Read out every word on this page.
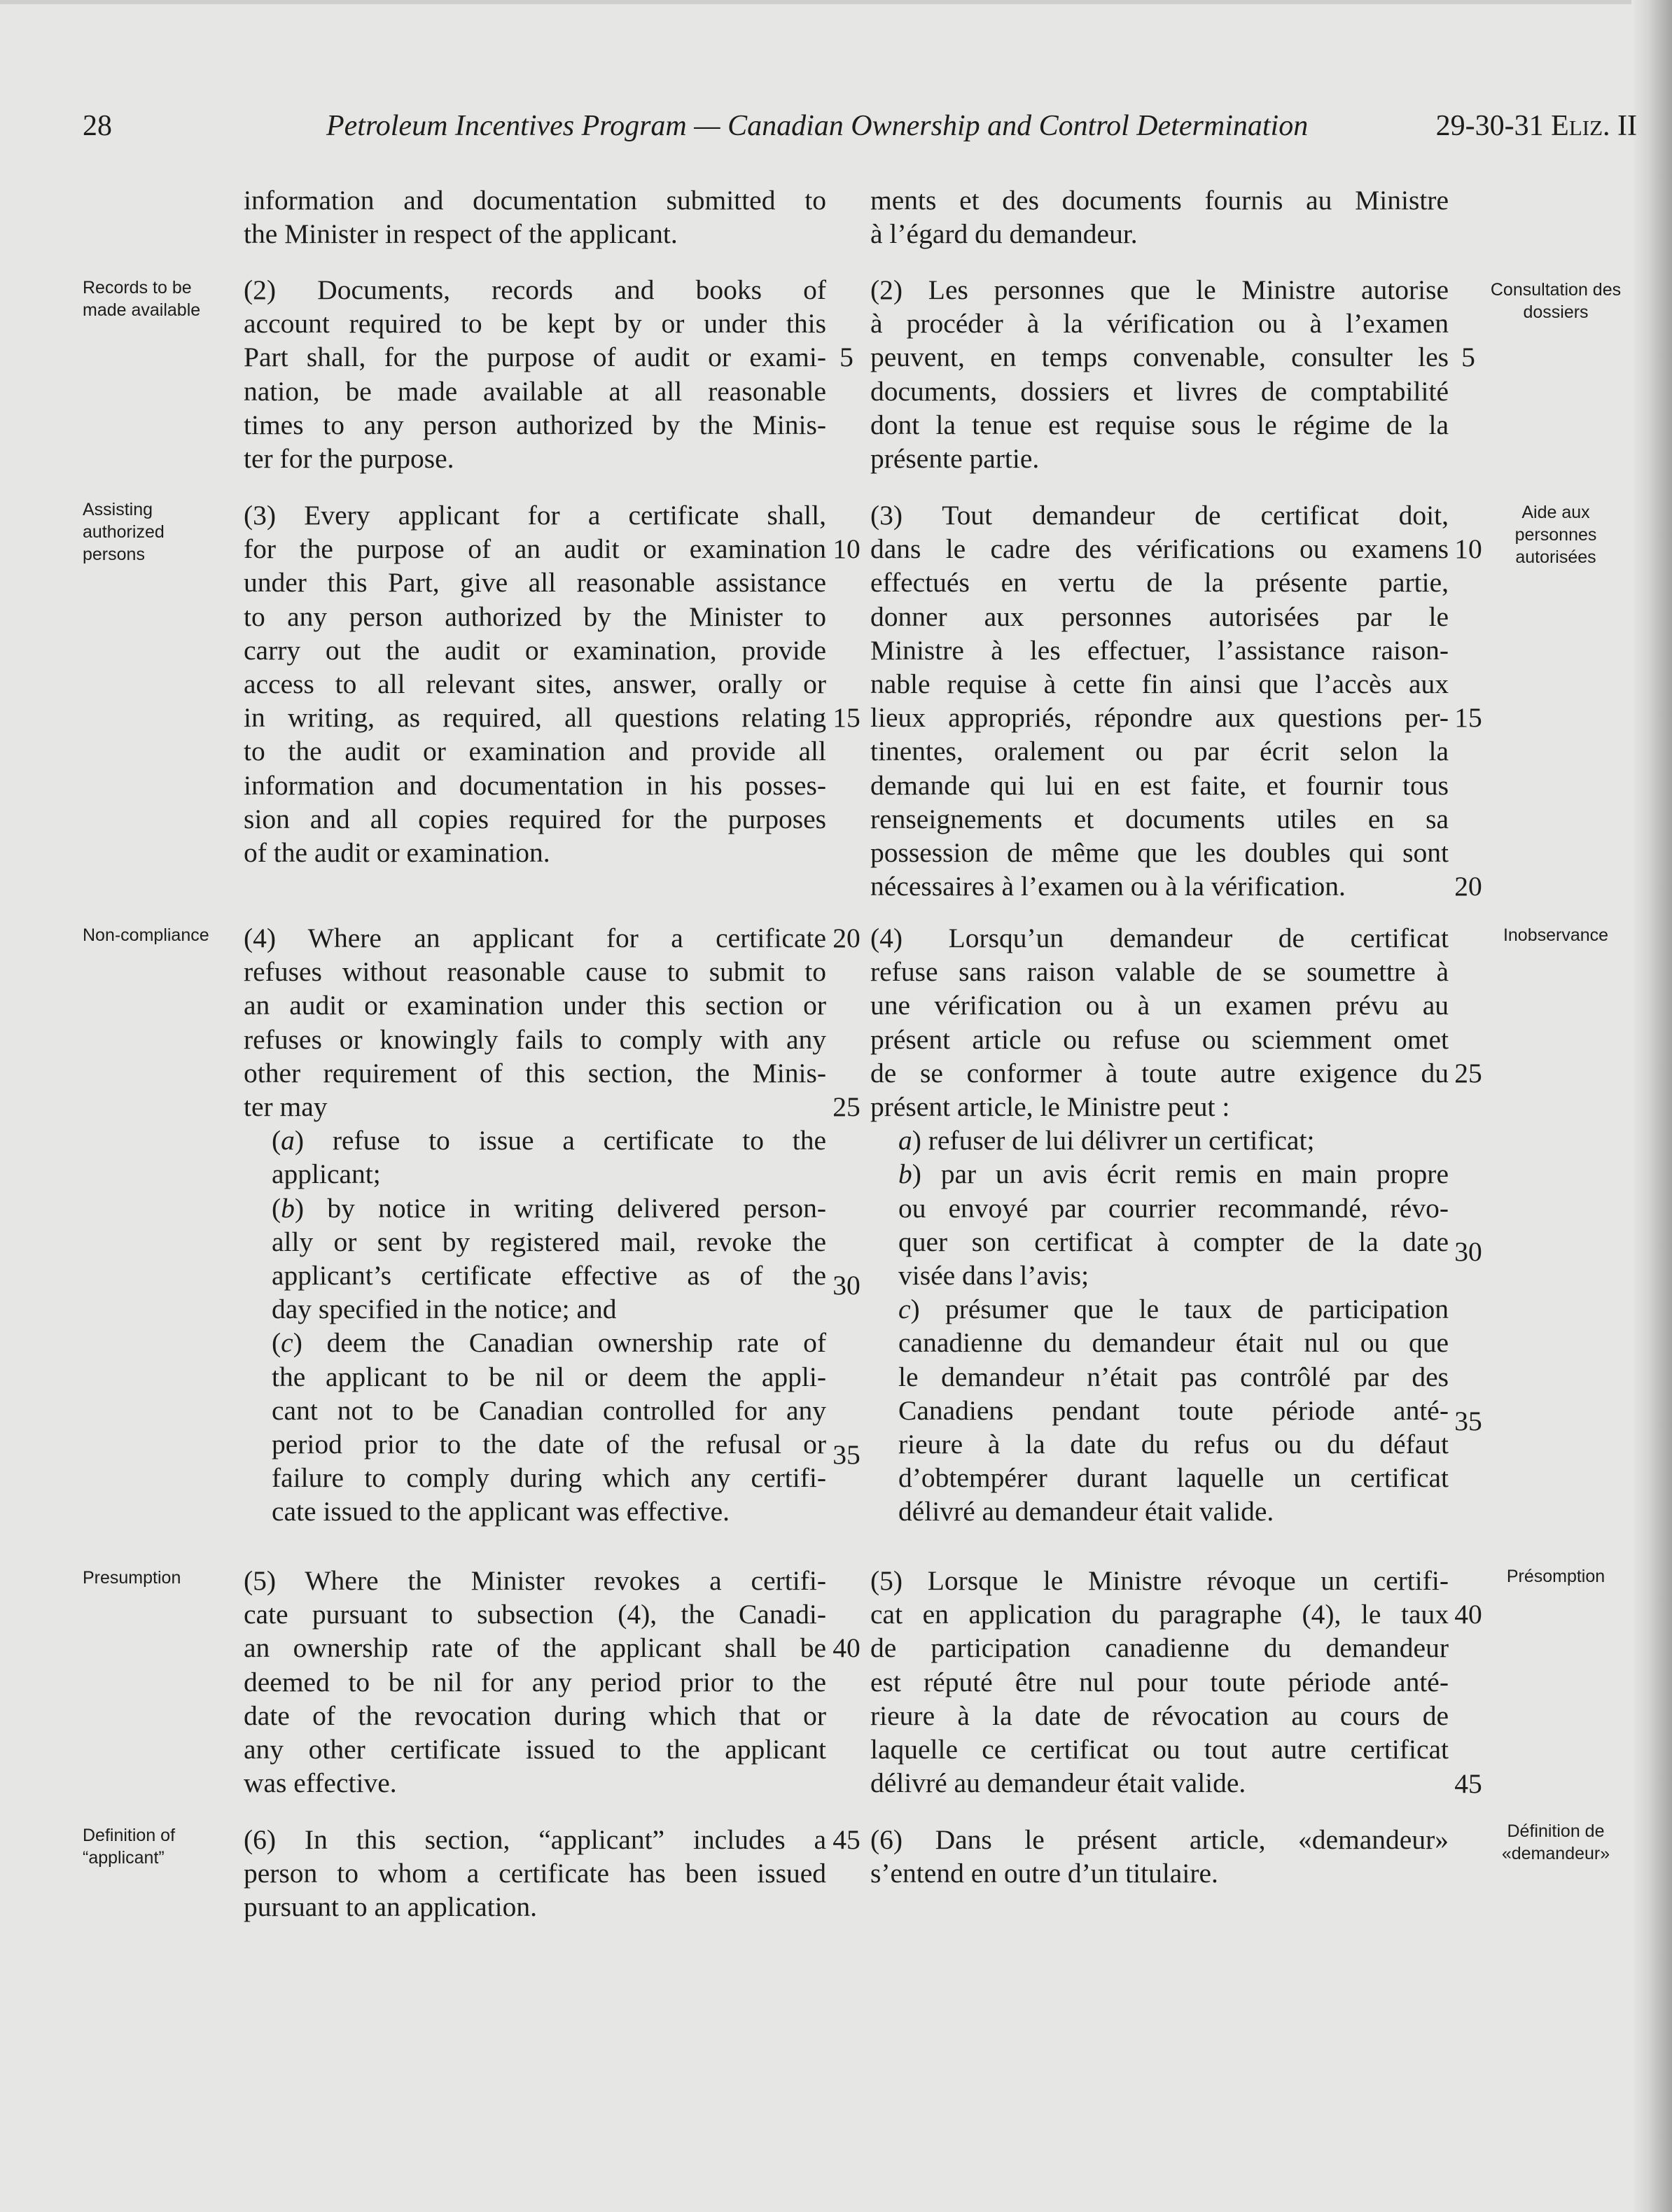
28	Petroleum Incentives Program — Canadian Ownership and Control Determination	29-30-31 ELIZ. II
Records to be made available
Assisting authorized persons
Non-compliance
Presumption
Definition of “applicant”
Consultation des dossiers
Aide aux personnes autorisées
Inobservance
Présomption
Définition de «demandeur»

information and documentation submitted to

the Minister in respect of the applicant.

(2) Documents, records and books of

account required to be kept by or under this

Part shall, for the purpose of audit or exami-

nation, be made available at all reasonable

times to any person authorized by the Minis-

ter for the purpose.

(3) Every applicant for a certificate shall,

for the purpose of an audit or examination

under this Part, give all reasonable assistance

to any person authorized by the Minister to

carry out the audit or examination, provide

access to all relevant sites, answer, orally or

in writing, as required, all questions relating

to the audit or examination and provide all

information and documentation in his posses-

sion and all copies required for the purposes

of the audit or examination.

(4) Where an applicant for a certificate

refuses without reasonable cause to submit to

an audit or examination under this section or

refuses or knowingly fails to comply with any

other requirement of this section, the Minis-

ter may

(a) refuse to issue a certificate to the

applicant;

(b) by notice in writing delivered person-

ally or sent by registered mail, revoke the

applicant’s certificate effective as of the

day specified in the notice; and

(c) deem the Canadian ownership rate of

the applicant to be nil or deem the appli-

cant not to be Canadian controlled for any

period prior to the date of the refusal or

failure to comply during which any certifi-

cate issued to the applicant was effective.

(5) Where the Minister revokes a certifi-

cate pursuant to subsection (4), the Canadi-

an ownership rate of the applicant shall be

deemed to be nil for any period prior to the

date of the revocation during which that or

any other certificate issued to the applicant

was effective.

(6) In this section, “applicant” includes a

person to whom a certificate has been issued

pursuant to an application.

ments et des documents fournis au Ministre

à l’égard du demandeur.

(2) Les personnes que le Ministre autorise

à procéder à la vérification ou à l’examen

peuvent, en temps convenable, consulter les

documents, dossiers et livres de comptabilité

dont la tenue est requise sous le régime de la

présente partie.

(3) Tout demandeur de certificat doit,

dans le cadre des vérifications ou examens

effectués en vertu de la présente partie,

donner aux personnes autorisées par le

Ministre à les effectuer, l’assistance raison-

nable requise à cette fin ainsi que l’accès aux

lieux appropriés, répondre aux questions per-

tinentes, oralement ou par écrit selon la

demande qui lui en est faite, et fournir tous

renseignements et documents utiles en sa

possession de même que les doubles qui sont

nécessaires à l’examen ou à la vérification.

(4) Lorsqu’un demandeur de certificat

refuse sans raison valable de se soumettre à

une vérification ou à un examen prévu au

présent article ou refuse ou sciemment omet

de se conformer à toute autre exigence du

présent article, le Ministre peut :

a) refuser de lui délivrer un certificat;

b) par un avis écrit remis en main propre

ou envoyé par courrier recommandé, révo-

quer son certificat à compter de la date

visée dans l’avis;

c) présumer que le taux de participation

canadienne du demandeur était nul ou que

le demandeur n’était pas contrôlé par des

Canadiens pendant toute période anté-

rieure à la date du refus ou du défaut

d’obtempérer durant laquelle un certificat

délivré au demandeur était valide.

(5) Lorsque le Ministre révoque un certifi-

cat en application du paragraphe (4), le taux

de participation canadienne du demandeur

est réputé être nul pour toute période anté-

rieure à la date de révocation au cours de

laquelle ce certificat ou tout autre certificat

délivré au demandeur était valide.

(6) Dans le présent article, «demandeur»

s’entend en outre d’un titulaire.

5
10
15
20
25
30
35
40
45
5
10
15
20
25
30
35
40
45
